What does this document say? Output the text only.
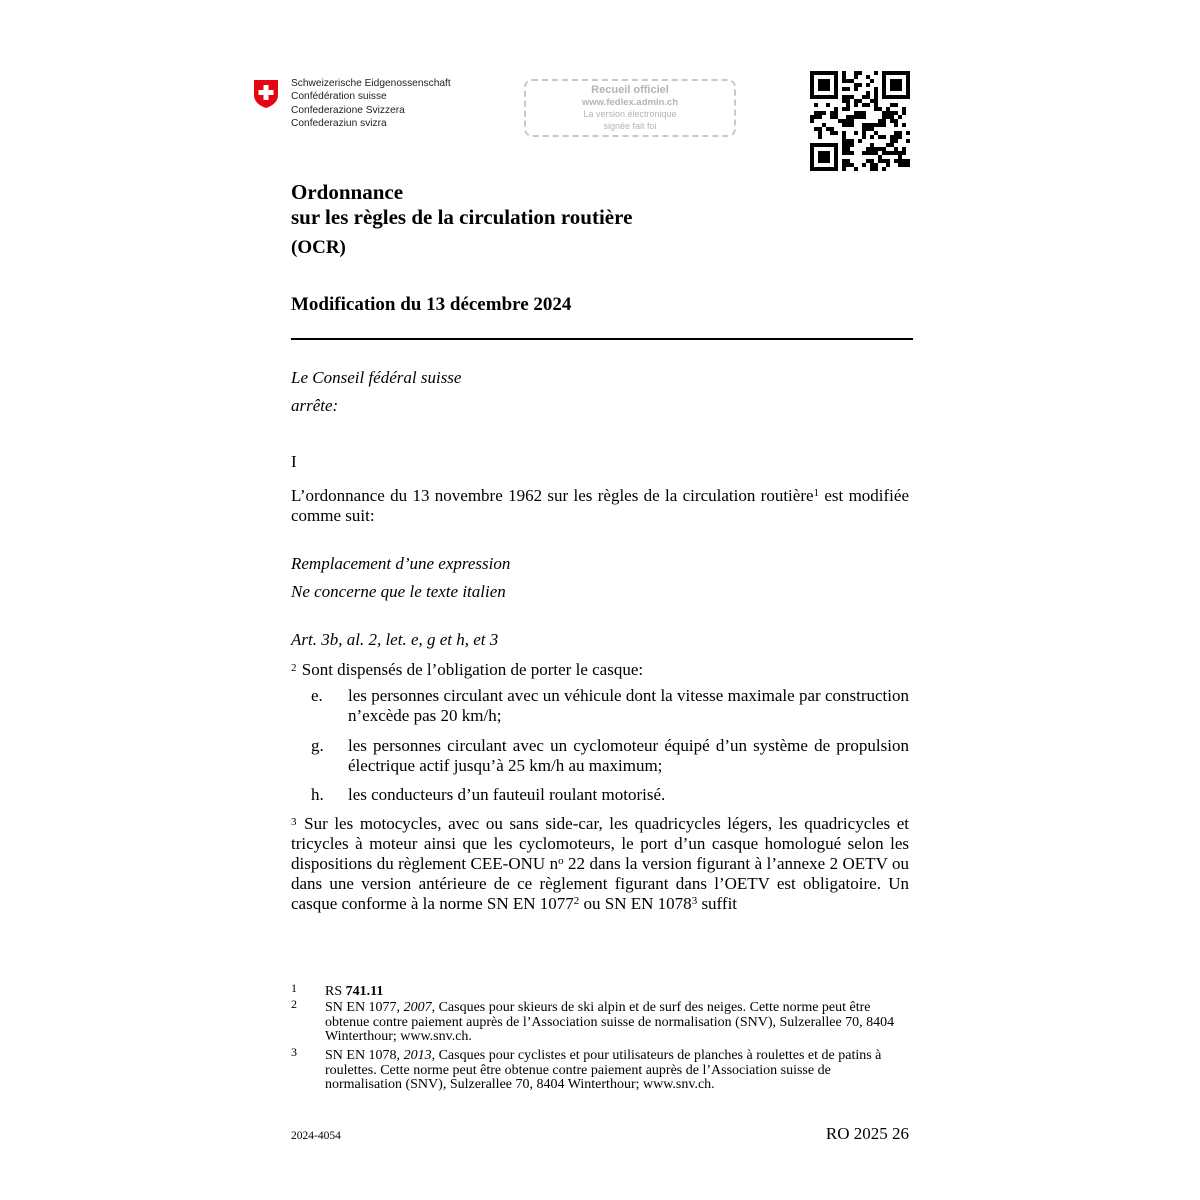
Schweizerische Eidgenossenschaft
Confédération suisse
Confederazione Svizzera
Confederaziun svizra
Recueil officiel
www.fedlex.admin.ch
La version électronique
signée fait foi
Ordonnance
sur les règles de la circulation routière
(OCR)
Modification du 13 décembre 2024
Le Conseil fédéral suisse
arrête:
I
L’ordonnance du 13 novembre 1962 sur les règles de la circulation routière$^1$ est modifiée comme suit:
Remplacement d’une expression
Ne concerne que le texte italien
Art. 3b, al. 2, let. e, g et h, et 3
$^2$ Sont dispensés de l’obligation de porter le casque:
e. les personnes circulant avec un véhicule dont la vitesse maximale par construction n’excède pas 20 km/h;
g. les personnes circulant avec un cyclomoteur équipé d’un système de propulsion électrique actif jusqu’à 25 km/h au maximum;
h. les conducteurs d’un fauteuil roulant motorisé.
$^3$ Sur les motocycles, avec ou sans side-car, les quadricycles légers, les quadricycles et tricycles à moteur ainsi que les cyclomoteurs, le port d’un casque homologué selon les dispositions du règlement CEE-ONU $n^o$ 22 dans la version figurant à l’annexe 2 OETV ou dans une version antérieure de ce règlement figurant dans l’OETV est obligatoire. Un casque conforme à la norme SN EN 1077$^2$ ou SN EN 1078$^3$ suffit
1 RS 741.11
2 SN EN 1077, 2007, Casques pour skieurs de ski alpin et de surf des neiges. Cette norme peut être obtenue contre paiement auprès de l’Association suisse de normalisation (SNV), Sulzerallee 70, 8404 Winterthour; www.snv.ch.
3 SN EN 1078, 2013, Casques pour cyclistes et pour utilisateurs de planches à roulettes et de patins à roulettes. Cette norme peut être obtenue contre paiement auprès de l’Association suisse de normalisation (SNV), Sulzerallee 70, 8404 Winterthour; www.snv.ch.
2024-4054	RO 2025 26
